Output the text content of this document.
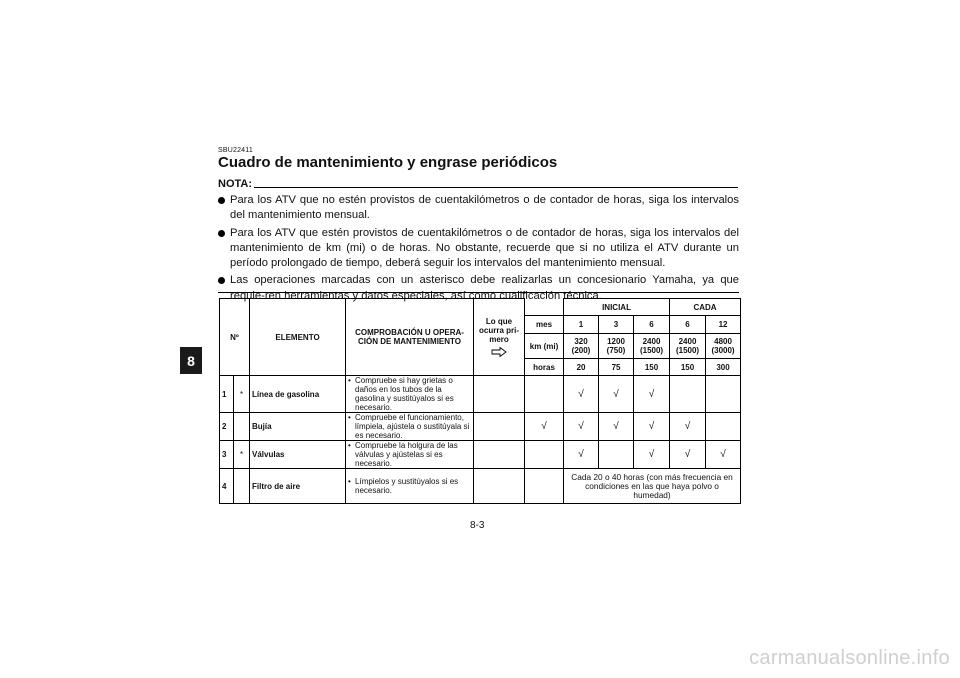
8
SBU22411
Cuadro de mantenimiento y engrase periódicos
NOTA:
Para los ATV que no estén provistos de cuentakilómetros o de contador de horas, siga los intervalos del mantenimiento mensual.
Para los ATV que estén provistos de cuentakilómetros o de contador de horas, siga los intervalos del mantenimiento de km (mi) o de horas. No obstante, recuerde que si no utiliza el ATV durante un período prolongado de tiempo, deberá seguir los intervalos del mantenimiento mensual.
Las operaciones marcadas con un asterisco debe realizarlas un concesionario Yamaha, ya que requie-ren herramientas y datos especiales, así como cualificación técnica.
Nº		ELEMENTO	COMPROBACIÓN U OPERA-CIÓN DE MANTENIMIENTO	Lo que ocurra pri-mero		INICIAL			CADA	
					mes	1	3	6	6	12
					km (mi)	320 (200)	1200 (750)	2400 (1500)	2400 (1500)	4800 (3000)
					horas	20	75	150	150	300
1	*	Línea de gasolina	• Compruebe si hay grietas o daños en los tubos de la gasolina y sustitúyalos si es necesario.			√	√	√		
2		Bujía	• Compruebe el funcionamiento, límpiela, ajústela o sustitúyala si es necesario.		√	√	√	√	√	
3	*	Válvulas	• Compruebe la holgura de las válvulas y ajústelas si es necesario.			√		√	√	√
4		Filtro de aire	• Límpielos y sustitúyalos si es necesario.			Cada 20 o 40 horas (con más frecuencia en condiciones en las que haya polvo o humedad)				
8-3
carmanualsonline.info
